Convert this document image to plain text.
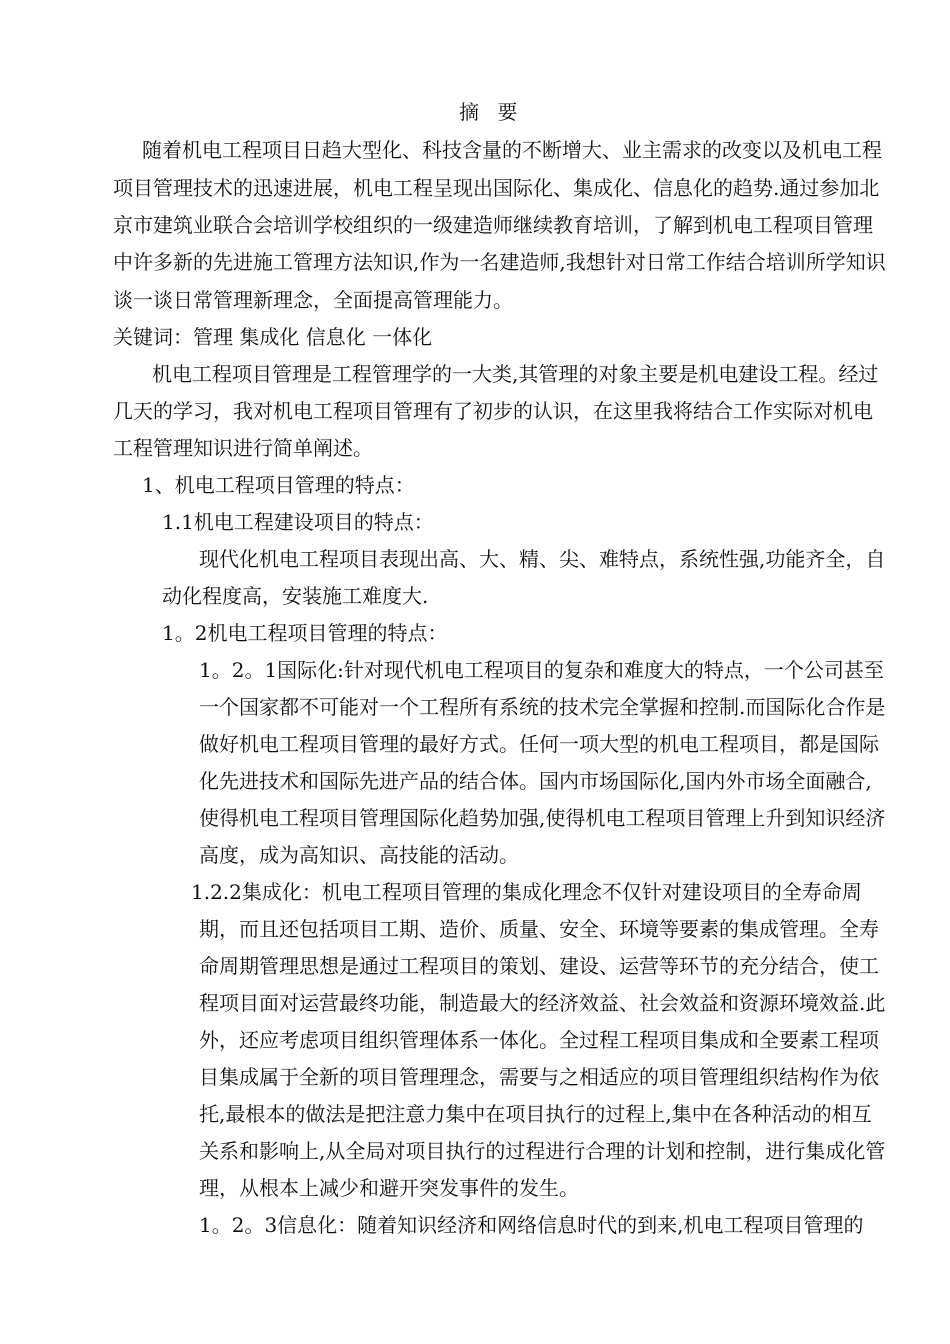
摘 要
随着机电工程项目日趋大型化、科技含量的不断增大、业主需求的改变以及机电工程
项目管理技术的迅速进展，机电工程呈现出国际化、集成化、信息化的趋势.通过参加北
京市建筑业联合会培训学校组织的一级建造师继续教育培训，了解到机电工程项目管理
中许多新的先进施工管理方法知识,作为一名建造师,我想针对日常工作结合培训所学知识
谈一谈日常管理新理念，全面提高管理能力。
关键词：管理 集成化 信息化 一体化
机电工程项目管理是工程管理学的一大类,其管理的对象主要是机电建设工程。经过
几天的学习，我对机电工程项目管理有了初步的认识，在这里我将结合工作实际对机电
工程管理知识进行简单阐述。
1、机电工程项目管理的特点：
1.1机电工程建设项目的特点：
现代化机电工程项目表现出高、大、精、尖、难特点，系统性强,功能齐全，自
动化程度高，安装施工难度大.
1。2机电工程项目管理的特点：
1。2。1国际化:针对现代机电工程项目的复杂和难度大的特点，一个公司甚至
一个国家都不可能对一个工程所有系统的技术完全掌握和控制.而国际化合作是
做好机电工程项目管理的最好方式。任何一项大型的机电工程项目，都是国际
化先进技术和国际先进产品的结合体。国内市场国际化,国内外市场全面融合,
使得机电工程项目管理国际化趋势加强,使得机电工程项目管理上升到知识经济
高度，成为高知识、高技能的活动。
1.2.2集成化：机电工程项目管理的集成化理念不仅针对建设项目的全寿命周
期，而且还包括项目工期、造价、质量、安全、环境等要素的集成管理。全寿
命周期管理思想是通过工程项目的策划、建设、运营等环节的充分结合，使工
程项目面对运营最终功能，制造最大的经济效益、社会效益和资源环境效益.此
外，还应考虑项目组织管理体系一体化。全过程工程项目集成和全要素工程项
目集成属于全新的项目管理理念，需要与之相适应的项目管理组织结构作为依
托,最根本的做法是把注意力集中在项目执行的过程上,集中在各种活动的相互
关系和影响上,从全局对项目执行的过程进行合理的计划和控制，进行集成化管
理，从根本上减少和避开突发事件的发生。
1。2。3信息化：随着知识经济和网络信息时代的到来,机电工程项目管理的
